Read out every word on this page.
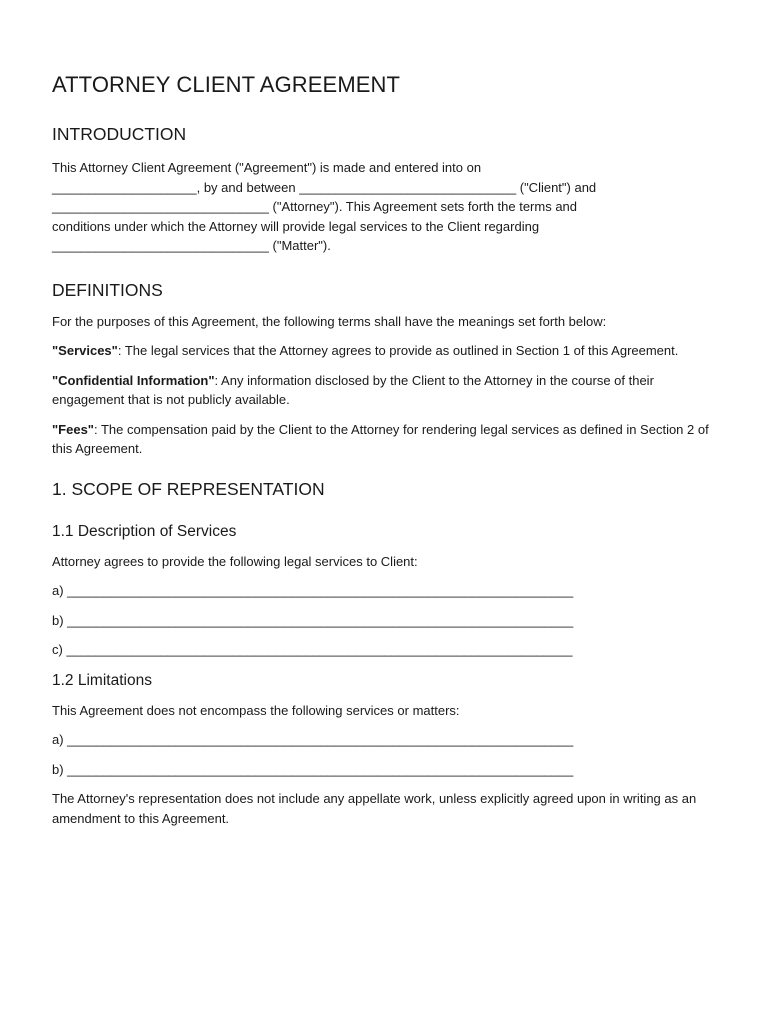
ATTORNEY CLIENT AGREEMENT
INTRODUCTION

This Attorney Client Agreement ("Agreement") is made and entered into on
____________________, by and between ______________________________ ("Client") and
______________________________ ("Attorney"). This Agreement sets forth the terms and
conditions under which the Attorney will provide legal services to the Client regarding
______________________________ ("Matter").

DEFINITIONS

For the purposes of this Agreement, the following terms shall have the meanings set forth below:

"Services": The legal services that the Attorney agrees to provide as outlined in Section 1 of this Agreement.

"Confidential Information": Any information disclosed by the Client to the Attorney in the course of their engagement that is not publicly available.

"Fees": The compensation paid by the Client to the Attorney for rendering legal services as defined in Section 2 of this Agreement.

1. SCOPE OF REPRESENTATION
1.1 Description of Services

Attorney agrees to provide the following legal services to Client:

a) ______________________________________________________________________

b) ______________________________________________________________________

c) ______________________________________________________________________

1.2 Limitations

This Agreement does not encompass the following services or matters:

a) ______________________________________________________________________

b) ______________________________________________________________________

The Attorney's representation does not include any appellate work, unless explicitly agreed upon in writing as an amendment to this Agreement.
